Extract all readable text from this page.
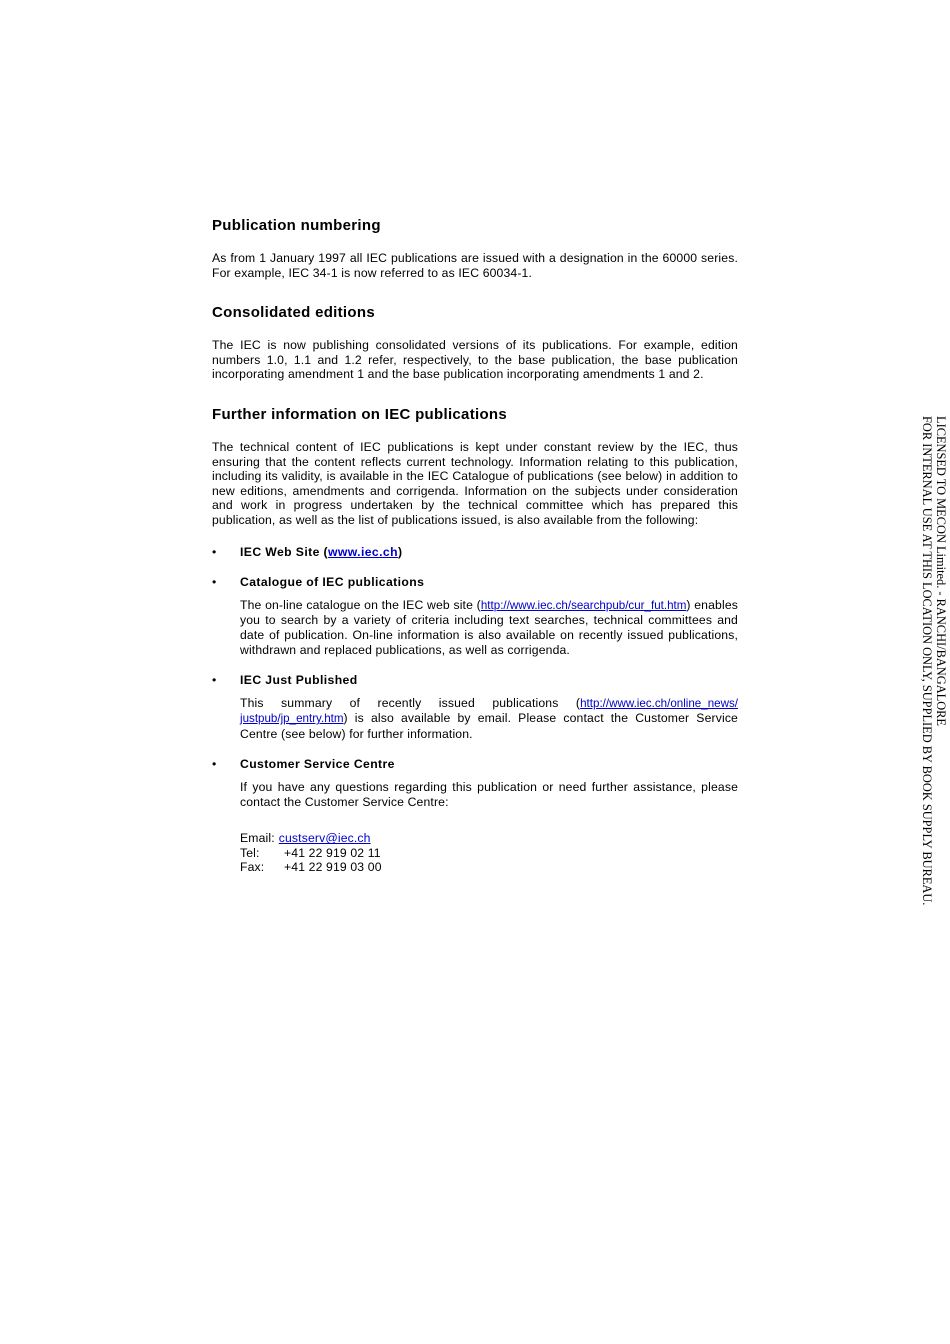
Publication numbering

As from 1 January 1997 all IEC publications are issued with a designation in the 60000 series. For example, IEC 34-1 is now referred to as IEC 60034-1.

Consolidated editions

The IEC is now publishing consolidated versions of its publications. For example, edition numbers 1.0, 1.1 and 1.2 refer, respectively, to the base publication, the base publication incorporating amendment 1 and the base publication incorporating amendments 1 and 2.

Further information on IEC publications

The technical content of IEC publications is kept under constant review by the IEC, thus ensuring that the content reflects current technology. Information relating to this publication, including its validity, is available in the IEC Catalogue of publications (see below) in addition to new editions, amendments and corrigenda. Information on the subjects under consideration and work in progress undertaken by the technical committee which has prepared this publication, as well as the list of publications issued, is also available from the following:

• IEC Web Site (www.iec.ch)
• Catalogue of IEC publications

The on-line catalogue on the IEC web site (http://www.iec.ch/searchpub/cur_fut.htm) enables you to search by a variety of criteria including text searches, technical committees and date of publication. On-line information is also available on recently issued publications, withdrawn and replaced publications, as well as corrigenda.

• IEC Just Published

This summary of recently issued publications (http://www.iec.ch/online_news/ justpub/jp_entry.htm) is also available by email. Please contact the Customer Service Centre (see below) for further information.

• Customer Service Centre

If you have any questions regarding this publication or need further assistance, please contact the Customer Service Centre:

Email: custserv@iec.ch
Tel:	+41 22 919 02 11
Fax:	+41 22 919 03 00
LICENSED TO MECON Limited. - RANCHI/BANGALORE
FOR INTERNAL USE AT THIS LOCATION ONLY, SUPPLIED BY BOOK SUPPLY BUREAU.
